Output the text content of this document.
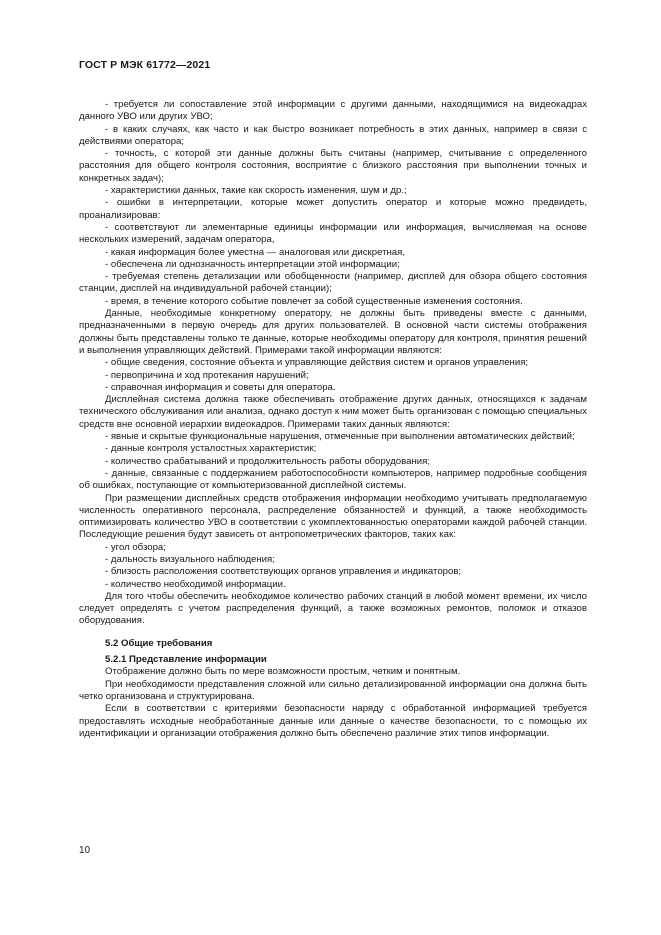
ГОСТ Р МЭК 61772—2021

- требуется ли сопоставление этой информации с другими данными, находящимися на видеокадрах данного УВО или других УВО;

- в каких случаях, как часто и как быстро возникает потребность в этих данных, например в связи с действиями оператора;

- точность, с которой эти данные должны быть считаны (например, считывание с определенного расстояния для общего контроля состояния, восприятие с близкого расстояния при выполнении точных и конкретных задач);

- характеристики данных, такие как скорость изменения, шум и др.;

- ошибки в интерпретации, которые может допустить оператор и которые можно предвидеть, проанализировав:

- соответствуют ли элементарные единицы информации или информация, вычисляемая на основе нескольких измерений, задачам оператора,

- какая информация более уместна — аналоговая или дискретная,

- обеспечена ли однозначность интерпретации этой информации;

- требуемая степень детализации или обобщенности (например, дисплей для обзора общего состояния станции, дисплей на индивидуальной рабочей станции);

- время, в течение которого событие повлечет за собой существенные изменения состояния.

Данные, необходимые конкретному оператору, не должны быть приведены вместе с данными, предназначенными в первую очередь для других пользователей. В основной части системы отображения должны быть представлены только те данные, которые необходимы оператору для контроля, принятия решений и выполнения управляющих действий. Примерами такой информации являются:

- общие сведения, состояние объекта и управляющие действия систем и органов управления;

- первопричина и ход протекания нарушений;

- справочная информация и советы для оператора.

Дисплейная система должна также обеспечивать отображение других данных, относящихся к задачам технического обслуживания или анализа, однако доступ к ним может быть организован с помощью специальных средств вне основной иерархии видеокадров. Примерами таких данных являются:

- явные и скрытые функциональные нарушения, отмеченные при выполнении автоматических действий;

- данные контроля усталостных характеристик;

- количество срабатываний и продолжительность работы оборудования;

- данные, связанные с поддержанием работоспособности компьютеров, например подробные сообщения об ошибках, поступающие от компьютеризованной дисплейной системы.

При размещении дисплейных средств отображения информации необходимо учитывать предполагаемую численность оперативного персонала, распределение обязанностей и функций, а также необходимость оптимизировать количество УВО в соответствии с укомплектованностью операторами каждой рабочей станции. Последующие решения будут зависеть от антропометрических факторов, таких как:

- угол обзора;

- дальность визуального наблюдения;

- близость расположения соответствующих органов управления и индикаторов;

- количество необходимой информации.

Для того чтобы обеспечить необходимое количество рабочих станций в любой момент времени, их число следует определять с учетом распределения функций, а также возможных ремонтов, поломок и отказов оборудования.

5.2 Общие требования

5.2.1 Представление информации

Отображение должно быть по мере возможности простым, четким и понятным.

При необходимости представления сложной или сильно детализированной информации она должна быть четко организована и структурирована.

Если в соответствии с критериями безопасности наряду с обработанной информацией требуется предоставлять исходные необработанные данные или данные о качестве безопасности, то с помощью их идентификации и организации отображения должно быть обеспечено различие этих типов информации.

10
